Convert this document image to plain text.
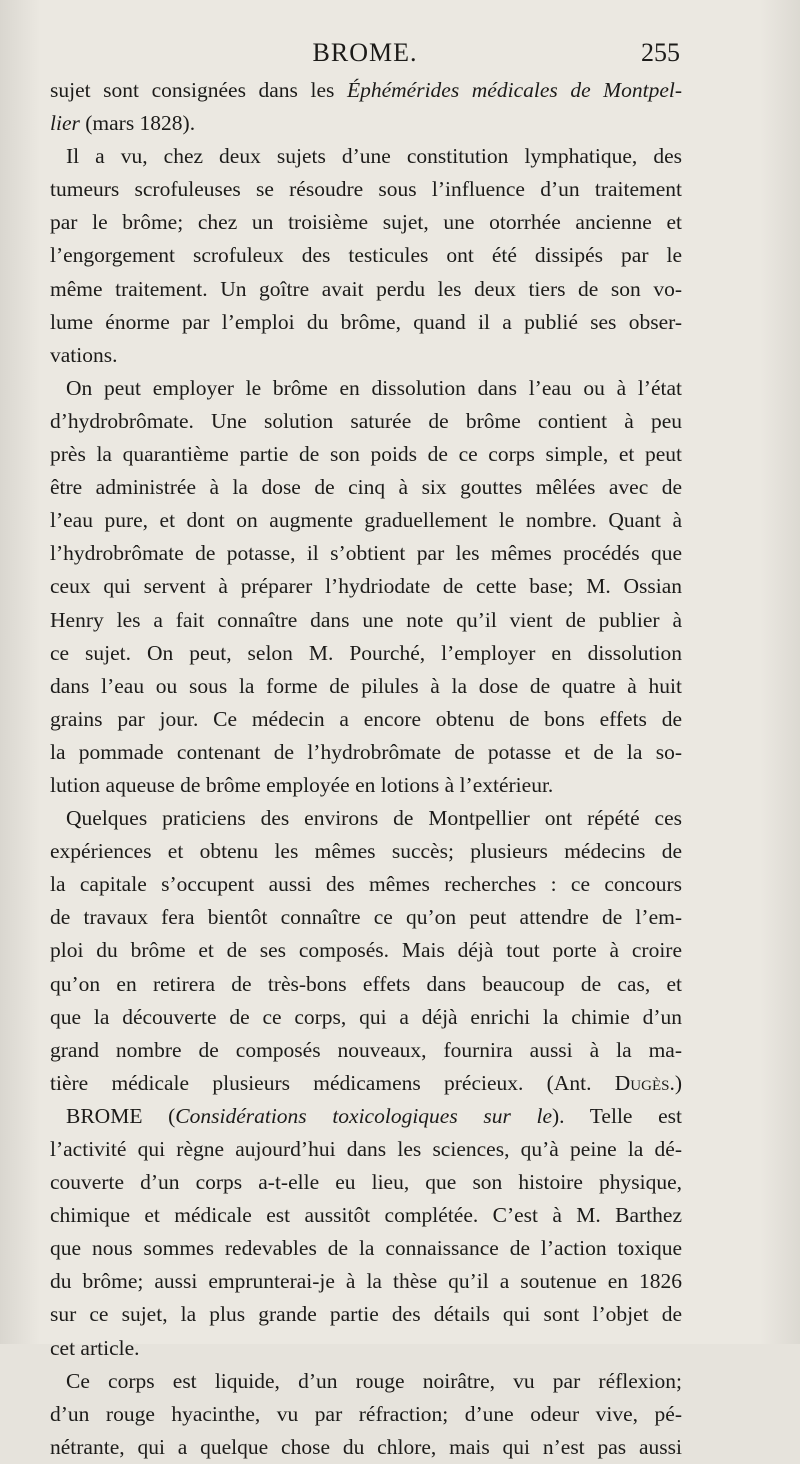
BROME.	255
sujet sont consignées dans les Éphémérides médicales de Montpel-
lier (mars 1828).
Il a vu, chez deux sujets d’une constitution lymphatique, des
tumeurs scrofuleuses se résoudre sous l’influence d’un traitement
par le brôme; chez un troisième sujet, une otorrhée ancienne et
l’engorgement scrofuleux des testicules ont été dissipés par le
même traitement. Un goître avait perdu les deux tiers de son vo-
lume énorme par l’emploi du brôme, quand il a publié ses obser-
vations.
On peut employer le brôme en dissolution dans l’eau ou à l’état
d’hydrobrômate. Une solution saturée de brôme contient à peu
près la quarantième partie de son poids de ce corps simple, et peut
être administrée à la dose de cinq à six gouttes mêlées avec de
l’eau pure, et dont on augmente graduellement le nombre. Quant à
l’hydrobrômate de potasse, il s’obtient par les mêmes procédés que
ceux qui servent à préparer l’hydriodate de cette base; M. Ossian
Henry les a fait connaître dans une note qu’il vient de publier à
ce sujet. On peut, selon M. Pourché, l’employer en dissolution
dans l’eau ou sous la forme de pilules à la dose de quatre à huit
grains par jour. Ce médecin a encore obtenu de bons effets de
la pommade contenant de l’hydrobrômate de potasse et de la so-
lution aqueuse de brôme employée en lotions à l’extérieur.
Quelques praticiens des environs de Montpellier ont répété ces
expériences et obtenu les mêmes succès; plusieurs médecins de
la capitale s’occupent aussi des mêmes recherches : ce concours
de travaux fera bientôt connaître ce qu’on peut attendre de l’em-
ploi du brôme et de ses composés. Mais déjà tout porte à croire
qu’on en retirera de très-bons effets dans beaucoup de cas, et
que la découverte de ce corps, qui a déjà enrichi la chimie d’un
grand nombre de composés nouveaux, fournira aussi à la ma-
tière médicale plusieurs médicamens précieux. (Ant. Dugès.)
BROME (Considérations toxicologiques sur le). Telle est
l’activité qui règne aujourd’hui dans les sciences, qu’à peine la dé-
couverte d’un corps a-t-elle eu lieu, que son histoire physique,
chimique et médicale est aussitôt complétée. C’est à M. Barthez
que nous sommes redevables de la connaissance de l’action toxique
du brôme; aussi emprunterai-je à la thèse qu’il a soutenue en 1826
sur ce sujet, la plus grande partie des détails qui sont l’objet de
cet article.
Ce corps est liquide, d’un rouge noirâtre, vu par réflexion;
d’un rouge hyacinthe, vu par réfraction; d’une odeur vive, pé-
nétrante, qui a quelque chose du chlore, mais qui n’est pas aussi
